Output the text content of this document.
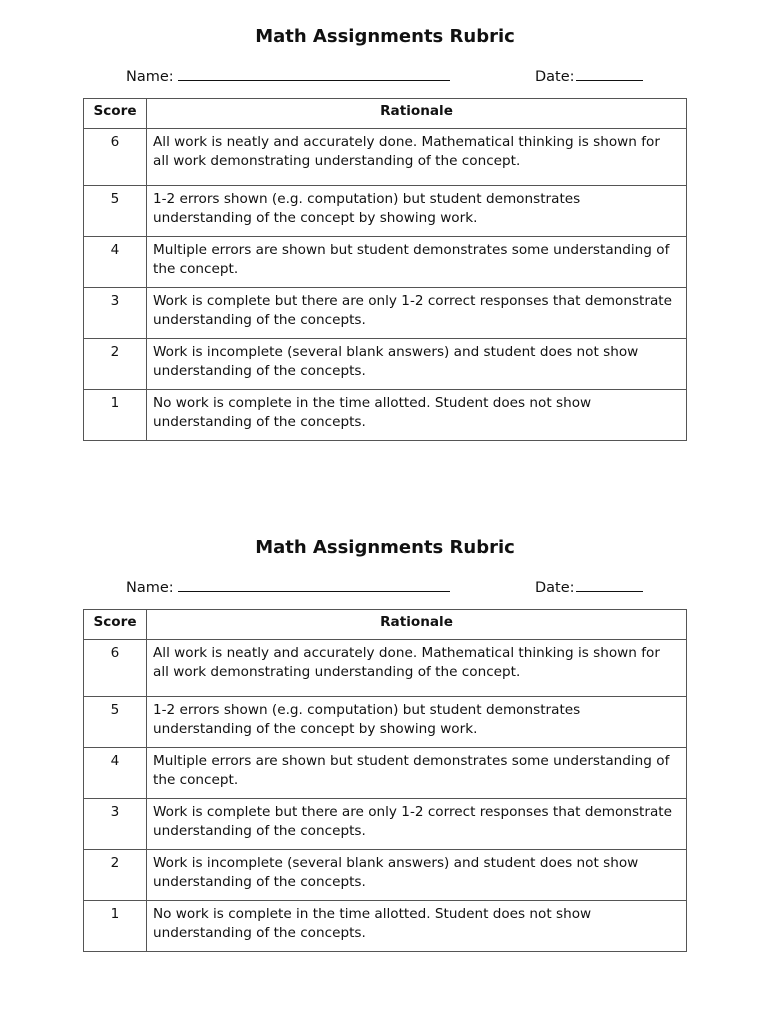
Math Assignments Rubric
Name:	Date:
Score	Rationale
6	All work is neatly and accurately done. Mathematical thinking is shown for all work demonstrating understanding of the concept.
5	1-2 errors shown (e.g. computation) but student demonstrates understanding of the concept by showing work.
4	Multiple errors are shown but student demonstrates some understanding of the concept.
3	Work is complete but there are only 1-2 correct responses that demonstrate understanding of the concepts.
2	Work is incomplete (several blank answers) and student does not show understanding of the concepts.
1	No work is complete in the time allotted. Student does not show understanding of the concepts.
Math Assignments Rubric
Name:	Date:
Score	Rationale
6	All work is neatly and accurately done. Mathematical thinking is shown for all work demonstrating understanding of the concept.
5	1-2 errors shown (e.g. computation) but student demonstrates understanding of the concept by showing work.
4	Multiple errors are shown but student demonstrates some understanding of the concept.
3	Work is complete but there are only 1-2 correct responses that demonstrate understanding of the concepts.
2	Work is incomplete (several blank answers) and student does not show understanding of the concepts.
1	No work is complete in the time allotted. Student does not show understanding of the concepts.
